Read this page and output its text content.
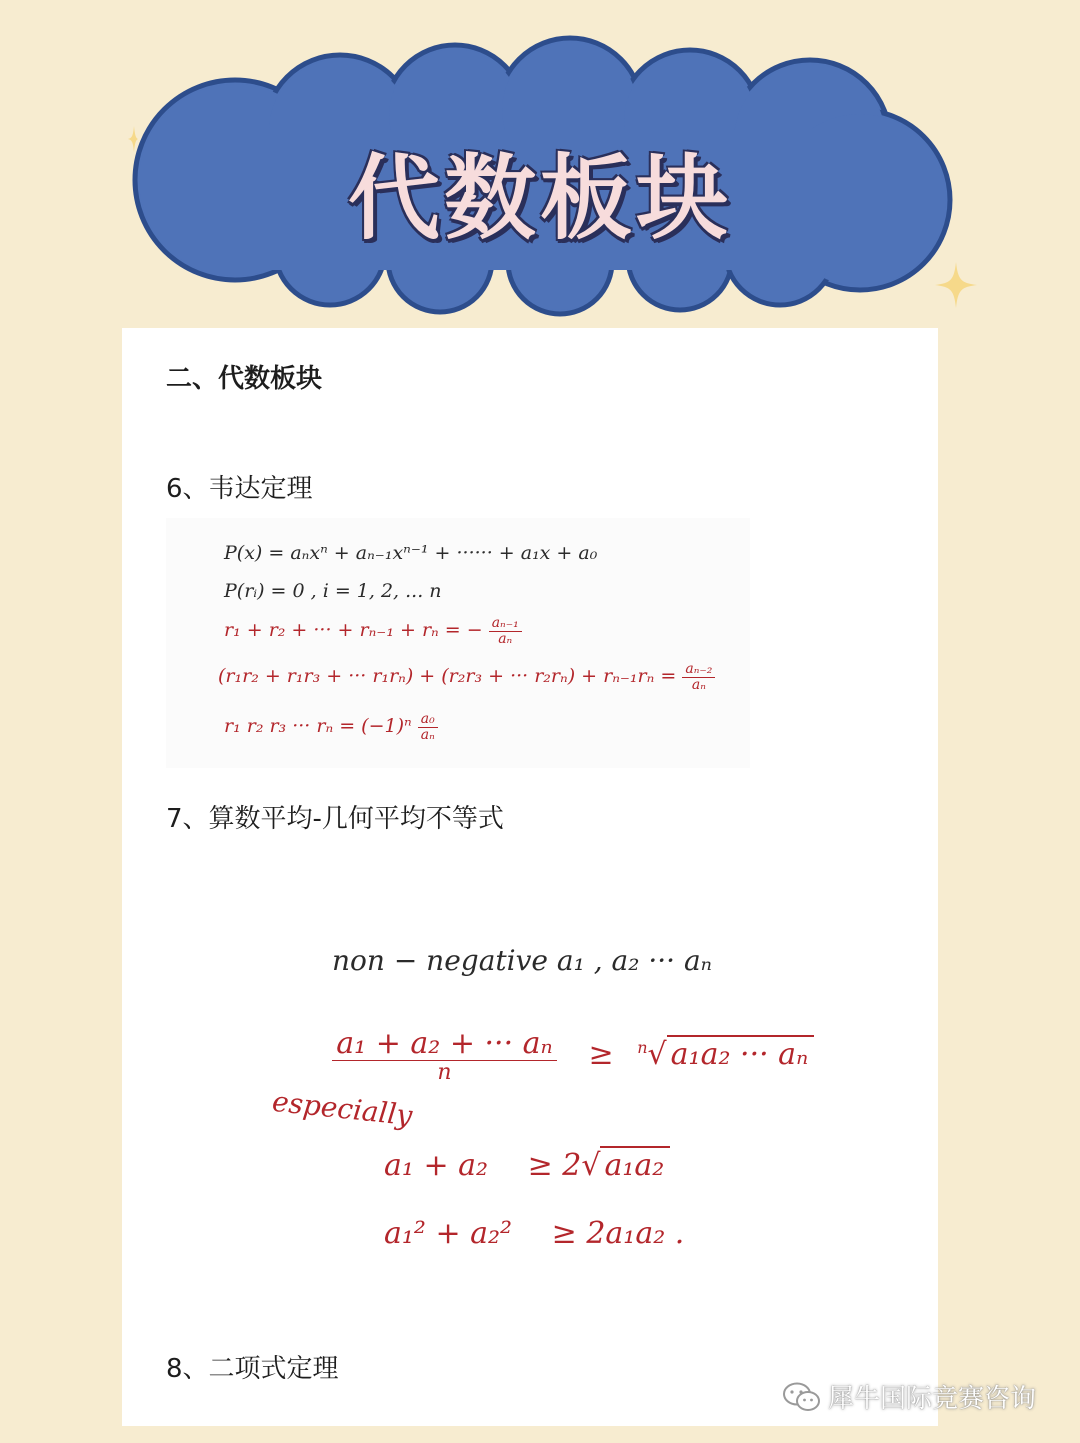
代数板块
二、代数板块
6、韦达定理
P(x) = aₙxⁿ + aₙ₋₁xⁿ⁻¹ + ······ + a₁x + a₀
P(rᵢ) = 0 , i = 1, 2, ... n
r₁ + r₂ + ··· + rₙ₋₁ + rₙ = − $\frac{\text{aₙ₋₁}}{\text{aₙ}}$
(r₁r₂ + r₁r₃ + ··· r₁rₙ) + (r₂r₃ + ··· $r_2r_n) + r_{n-1}r_n = \frac{\text{aₙ₋₂}}{\text{aₙ}}$
r₁ r₂ r₃ ··· $r_n = (-1)^n \frac{\text{a₀}}{\text{aₙ}}$
7、算数平均-几何平均不等式
non − negative a₁ , a₂ ··· aₙ
$\frac{\text{a₁ + a₂ + ··· aₙ}}{n} \ge ^n√$ a₁a₂ ··· aₙ
especially
a₁ + a₂ ≥ 2√ a₁a₂
a₁² + a₂² ≥ 2a₁a₂ .
8、二项式定理
犀牛国际竞赛咨询
